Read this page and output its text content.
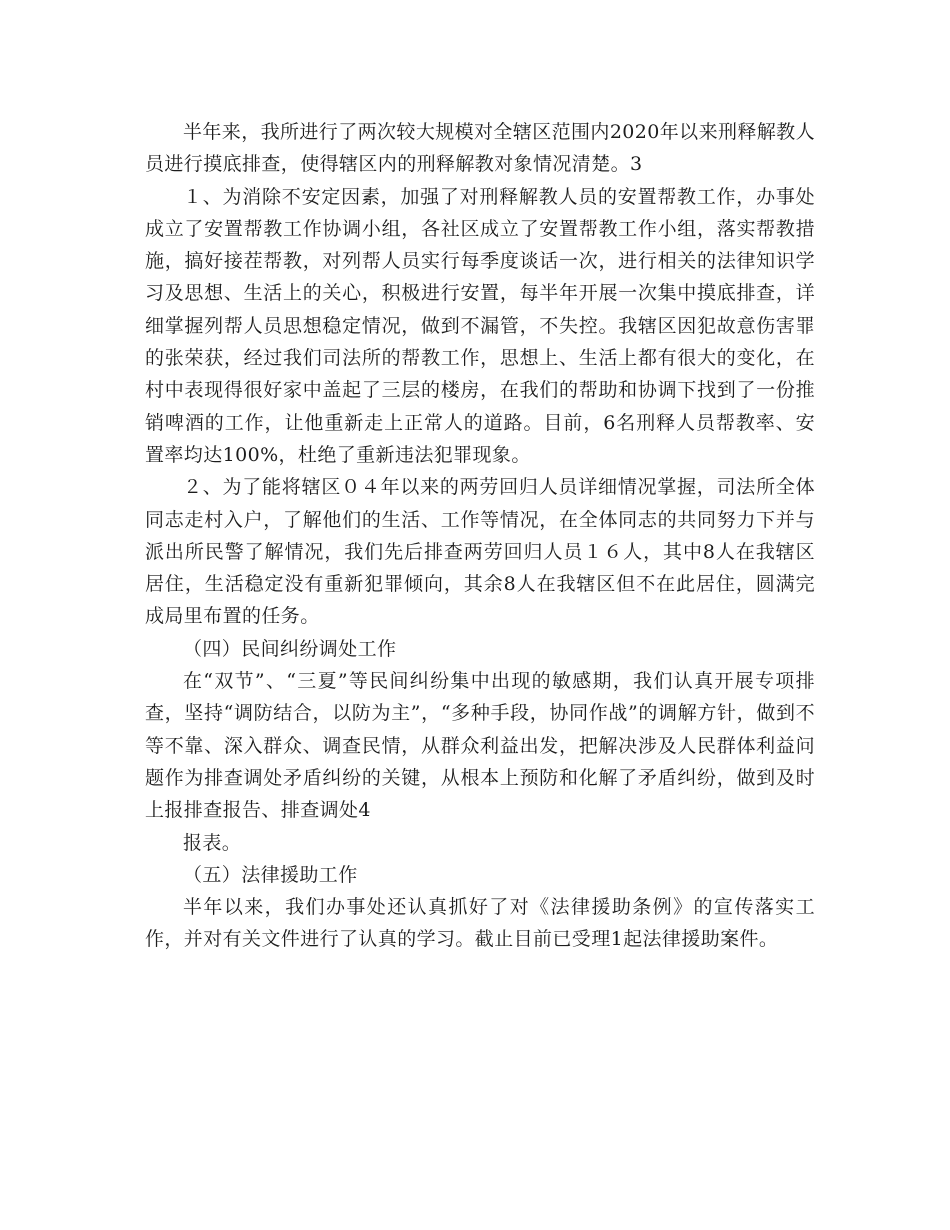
半年来，我所进行了两次较大规模对全辖区范围内2020年以来刑释解教人员进行摸底排查，使得辖区内的刑释解教对象情况清楚。3

１、为消除不安定因素，加强了对刑释解教人员的安置帮教工作，办事处成立了安置帮教工作协调小组，各社区成立了安置帮教工作小组，落实帮教措施，搞好接茬帮教，对列帮人员实行每季度谈话一次，进行相关的法律知识学习及思想、生活上的关心，积极进行安置，每半年开展一次集中摸底排查，详细掌握列帮人员思想稳定情况，做到不漏管，不失控。我辖区因犯故意伤害罪的张荣获，经过我们司法所的帮教工作，思想上、生活上都有很大的变化，在村中表现得很好家中盖起了三层的楼房，在我们的帮助和协调下找到了一份推销啤酒的工作，让他重新走上正常人的道路。目前，6名刑释人员帮教率、安置率均达100%，杜绝了重新违法犯罪现象。

２、为了能将辖区０４年以来的两劳回归人员详细情况掌握，司法所全体同志走村入户，了解他们的生活、工作等情况，在全体同志的共同努力下并与派出所民警了解情况，我们先后排查两劳回归人员１６人，其中8人在我辖区居住，生活稳定没有重新犯罪倾向，其余8人在我辖区但不在此居住，圆满完成局里布置的任务。

（四）民间纠纷调处工作

在“双节”、“三夏”等民间纠纷集中出现的敏感期，我们认真开展专项排查，坚持“调防结合，以防为主”，“多种手段，协同作战”的调解方针，做到不等不靠、深入群众、调查民情，从群众利益出发，把解决涉及人民群体利益问题作为排查调处矛盾纠纷的关键，从根本上预防和化解了矛盾纠纷，做到及时上报排查报告、排查调处4

报表。

（五）法律援助工作

半年以来，我们办事处还认真抓好了对《法律援助条例》的宣传落实工作，并对有关文件进行了认真的学习。截止目前已受理1起法律援助案件。
